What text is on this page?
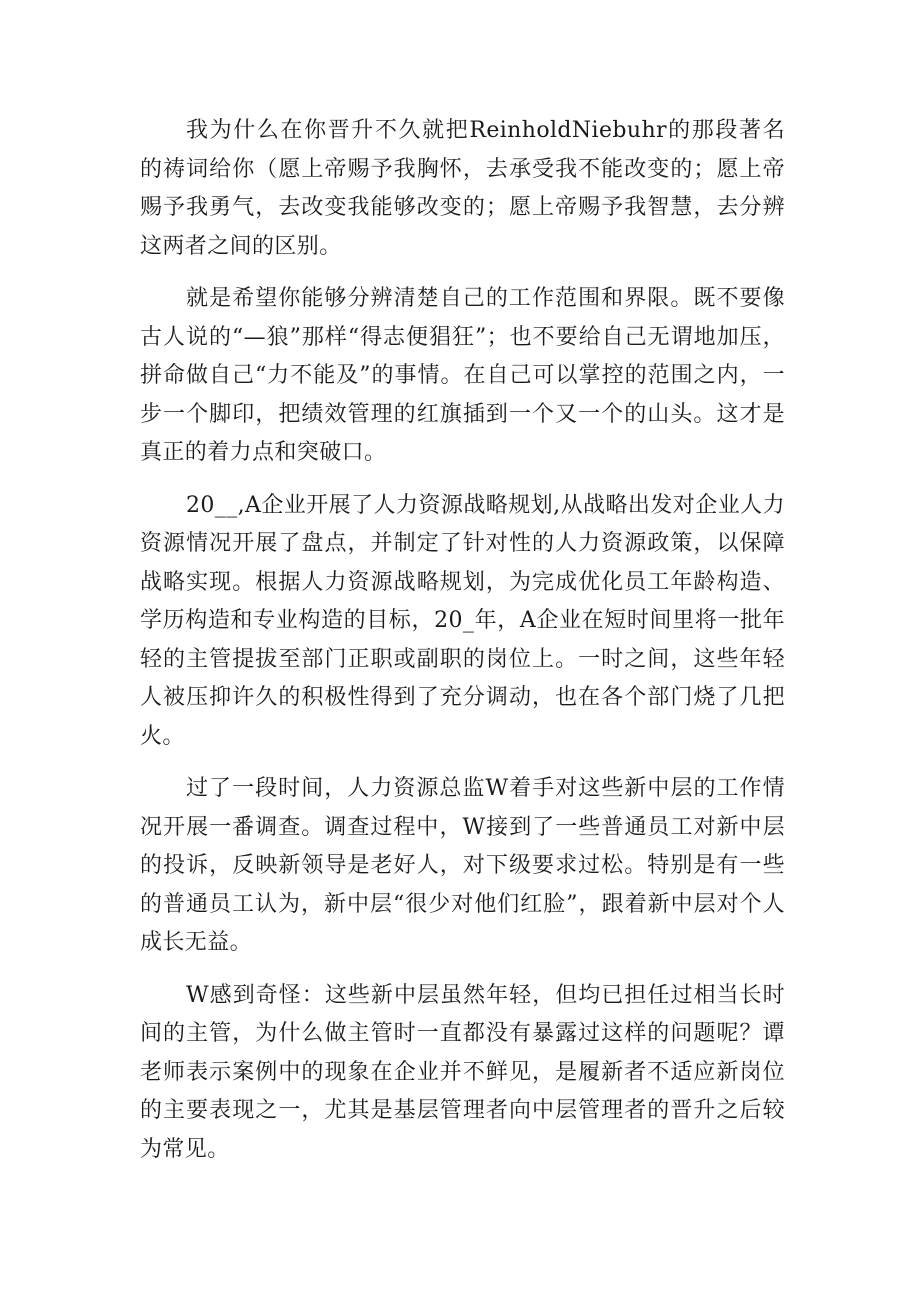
我为什么在你晋升不久就把ReinholdNiebuhr的那段著名的祷词给你（愿上帝赐予我胸怀，去承受我不能改变的；愿上帝赐予我勇气，去改变我能够改变的；愿上帝赐予我智慧，去分辨这两者之间的区别。

就是希望你能够分辨清楚自己的工作范围和界限。既不要像古人说的“—狼”那样“得志便猖狂”；也不要给自己无谓地加压，拼命做自己“力不能及”的事情。在自己可以掌控的范围之内，一步一个脚印，把绩效管理的红旗插到一个又一个的山头。这才是真正的着力点和突破口。

20__,A企业开展了人力资源战略规划,从战略出发对企业人力资源情况开展了盘点，并制定了针对性的人力资源政策，以保障战略实现。根据人力资源战略规划，为完成优化员工年龄构造、学历构造和专业构造的目标，20_年，A企业在短时间里将一批年轻的主管提拔至部门正职或副职的岗位上。一时之间，这些年轻人被压抑许久的积极性得到了充分调动，也在各个部门烧了几把火。

过了一段时间，人力资源总监W着手对这些新中层的工作情况开展一番调查。调查过程中，W接到了一些普通员工对新中层的投诉，反映新领导是老好人，对下级要求过松。特别是有一些的普通员工认为，新中层“很少对他们红脸”，跟着新中层对个人成长无益。

W感到奇怪：这些新中层虽然年轻，但均已担任过相当长时间的主管，为什么做主管时一直都没有暴露过这样的问题呢？谭老师表示案例中的现象在企业并不鲜见，是履新者不适应新岗位的主要表现之一，尤其是基层管理者向中层管理者的晋升之后较为常见。
